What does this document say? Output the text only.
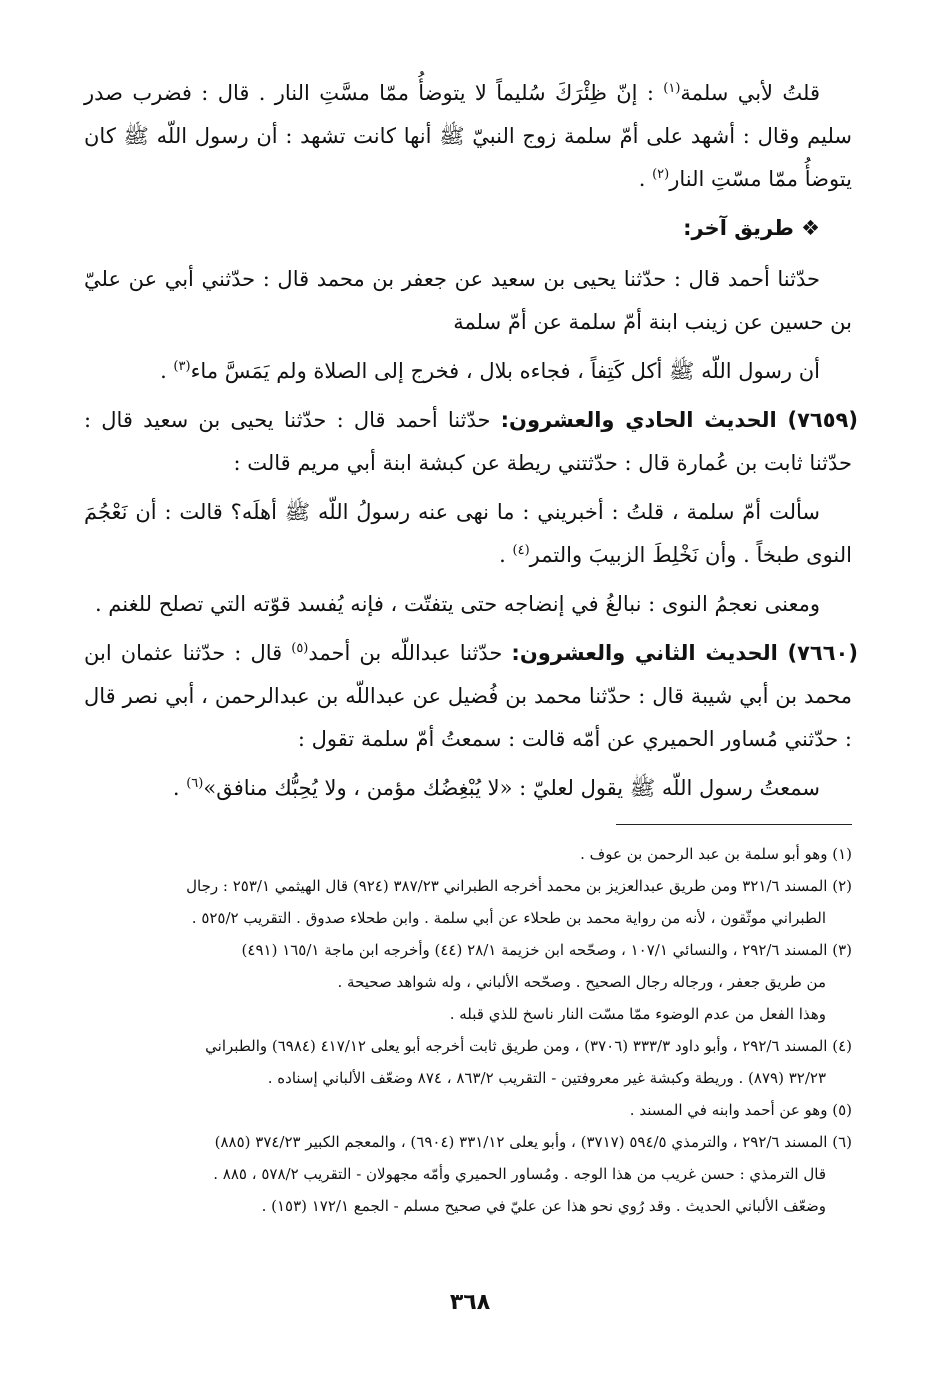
قلتُ لأبي سلمة$^{(١)}$ : إنّ ظِئْرَكَ سُليماً لا يتوضأُ ممّا مسَّتِ النار . قال : فضرب صدر سليم وقال : أشهد على أمّ سلمة زوج النبيّ ﷺ أنها كانت تشهد : أن رسول اللّه ﷺ كان يتوضأُ ممّا مسّتِ النار$^{(٢)}$ .

❖ طريق آخر:

حدّثنا أحمد قال : حدّثنا يحيى بن سعيد عن جعفر بن محمد قال : حدّثني أبي عن عليّ بن حسين عن زينب ابنة أمّ سلمة عن أمّ سلمة

أن رسول اللّه ﷺ أكل كَتِفاً ، فجاءه بلال ، فخرج إلى الصلاة ولم يَمَسَّ ماء$^{(٣)}$ .

(٧٦٥٩) الحديث الحادي والعشرون: حدّثنا أحمد قال : حدّثنا يحيى بن سعيد قال : حدّثنا ثابت بن عُمارة قال : حدّثتني ريطة عن كبشة ابنة أبي مريم قالت :

سألت أمّ سلمة ، قلتُ : أخبريني : ما نهى عنه رسولُ اللّه ﷺ أهلَه؟ قالت : أن نَعْجُمَ النوى طبخاً . وأن نَخْلِطَ الزبيبَ والتمر$^{(٤)}$ .

ومعنى نعجمُ النوى : نبالغُ في إنضاجه حتى يتفتّت ، فإنه يُفسد قوّته التي تصلح للغنم .

(٧٦٦٠) الحديث الثاني والعشرون: حدّثنا عبداللّه بن أحمد$^{(٥)}$ قال : حدّثنا عثمان ابن محمد بن أبي شيبة قال : حدّثنا محمد بن فُضيل عن عبداللّه بن عبدالرحمن ، أبي نصر قال : حدّثني مُساور الحميري عن أمّه قالت : سمعتُ أمّ سلمة تقول :

سمعتُ رسول اللّه ﷺ يقول لعليّ : «لا يُبْغِضُك مؤمن ، ولا يُحِبُّك منافق»$^{(٦)}$ .

(١) وهو أبو سلمة بن عبد الرحمن بن عوف .

(٢) المسند ٣٢١/٦ ومن طريق عبدالعزيز بن محمد أخرجه الطبراني ٣٨٧/٢٣ (٩٢٤) قال الهيثمي ٢٥٣/١ : رجال

الطبراني موثّقون ، لأنه من رواية محمد بن طحلاء عن أبي سلمة . وابن طحلاء صدوق . التقريب ٥٢٥/٢ .

(٣) المسند ٢٩٢/٦ ، والنسائي ١٠٧/١ ، وصحّحه ابن خزيمة ٢٨/١ (٤٤) وأخرجه ابن ماجة ١٦٥/١ (٤٩١)

من طريق جعفر ، ورجاله رجال الصحيح . وصحّحه الألباني ، وله شواهد صحيحة .

وهذا الفعل من عدم الوضوء ممّا مسّت النار ناسخ للذي قبله .

(٤) المسند ٢٩٢/٦ ، وأبو داود ٣٣٣/٣ (٣٧٠٦) ، ومن طريق ثابت أخرجه أبو يعلى ٤١٧/١٢ (٦٩٨٤) والطبراني

٣٢/٢٣ (٨٧٩) . وريطة وكبشة غير معروفتين - التقريب ٨٦٣/٢ ، ٨٧٤ وضعّف الألباني إسناده .

(٥) وهو عن أحمد وابنه في المسند .

(٦) المسند ٢٩٢/٦ ، والترمذي ٥٩٤/٥ (٣٧١٧) ، وأبو يعلى ٣٣١/١٢ (٦٩٠٤) ، والمعجم الكبير ٣٧٤/٢٣ (٨٨٥)

قال الترمذي : حسن غريب من هذا الوجه . ومُساور الحميري وأمّه مجهولان - التقريب ٥٧٨/٢ ، ٨٨٥ .

وضعّف الألباني الحديث . وقد رُوي نحو هذا عن عليّ في صحيح مسلم - الجمع ١٧٢/١ (١٥٣) .

٣٦٨
